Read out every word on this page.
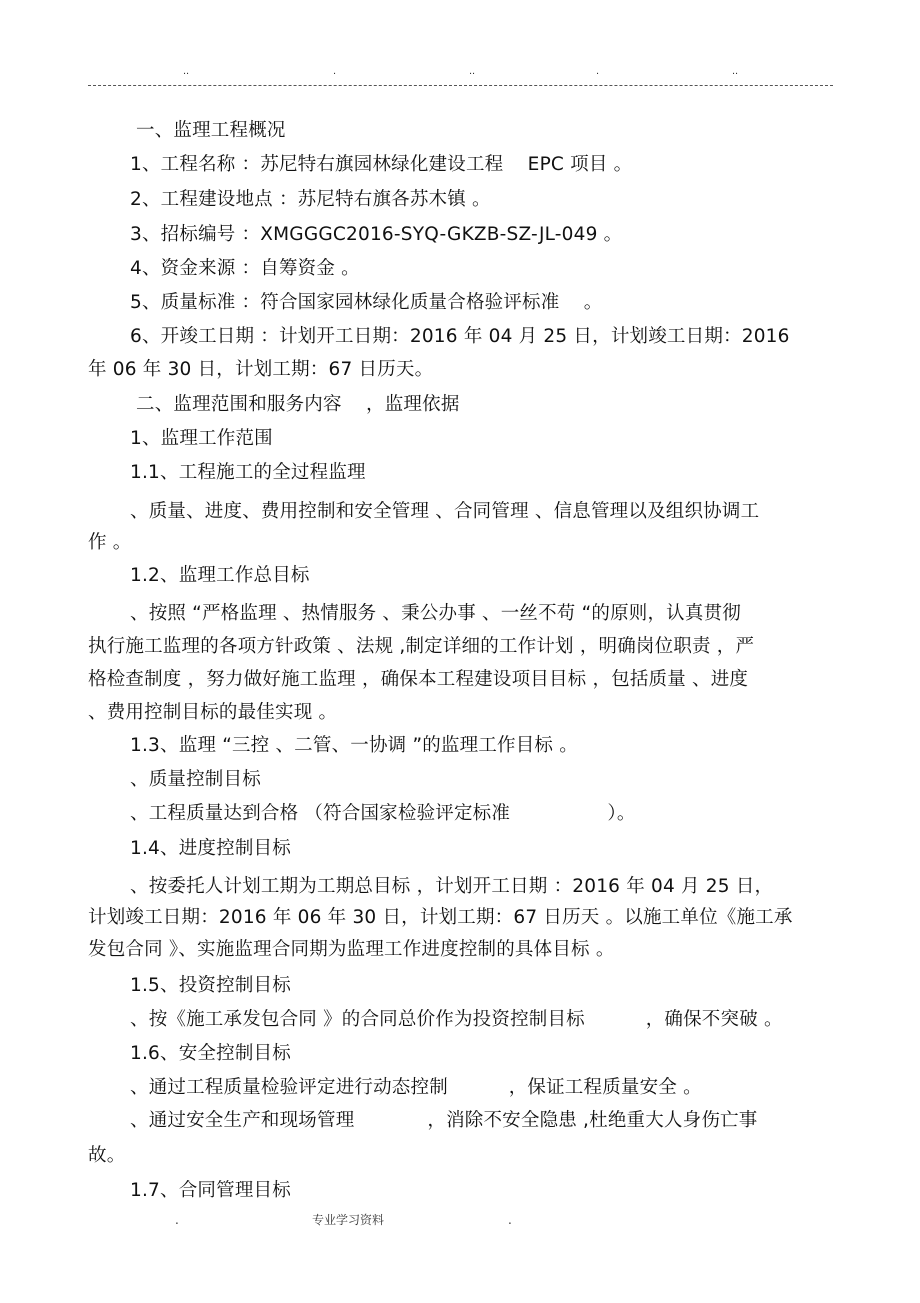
..	.	..	.	..
一、监理工程概况
1、工程名称 ：苏尼特右旗园林绿化建设工程    EPC 项目 。
2、工程建设地点 ：苏尼特右旗各苏木镇 。
3、招标编号 ：XMGGGC2016-SYQ-GKZB-SZ-JL-049 。
4、资金来源 ：自筹资金 。
5、质量标准 ：符合国家园林绿化质量合格验评标准    。
6、开竣工日期 ：计划开工日期：2016 年 04 月 25 日，计划竣工日期：2016
年 06 年 30 日，计划工期：67 日历天。
二、监理范围和服务内容    ，监理依据
1、监理工作范围
1.1、工程施工的全过程监理
、质量、进度、费用控制和安全管理 、合同管理 、信息管理以及组织协调工
作 。
1.2、监理工作总目标
、按照 “严格监理 、热情服务 、秉公办事 、一丝不苟 “的原则，认真贯彻
执行施工监理的各项方针政策 、法规 ,制定详细的工作计划 ，明确岗位职责 ，严
格检查制度 ，努力做好施工监理 ，确保本工程建设项目目标 ，包括质量 、进度
、费用控制目标的最佳实现 。
1.3、监理 “三控 、二管、一协调 ”的监理工作目标 。
、质量控制目标
、工程质量达到合格 （符合国家检验评定标准                ）。
1.4、进度控制目标
、按委托人计划工期为工期总目标 ，计划开工日期 ：2016 年 04 月 25 日，
计划竣工日期：2016 年 06 年 30 日，计划工期：67 日历天 。以施工单位《施工承
发包合同 》、实施监理合同期为监理工作进度控制的具体目标 。
1.5、投资控制目标
、按《施工承发包合同 》的合同总价作为投资控制目标          ，确保不突破 。
1.6、安全控制目标
、通过工程质量检验评定进行动态控制          ，保证工程质量安全 。
、通过安全生产和现场管理            ，消除不安全隐患 ,杜绝重大人身伤亡事
故。
1.7、合同管理目标
.	专业学习资料	.
